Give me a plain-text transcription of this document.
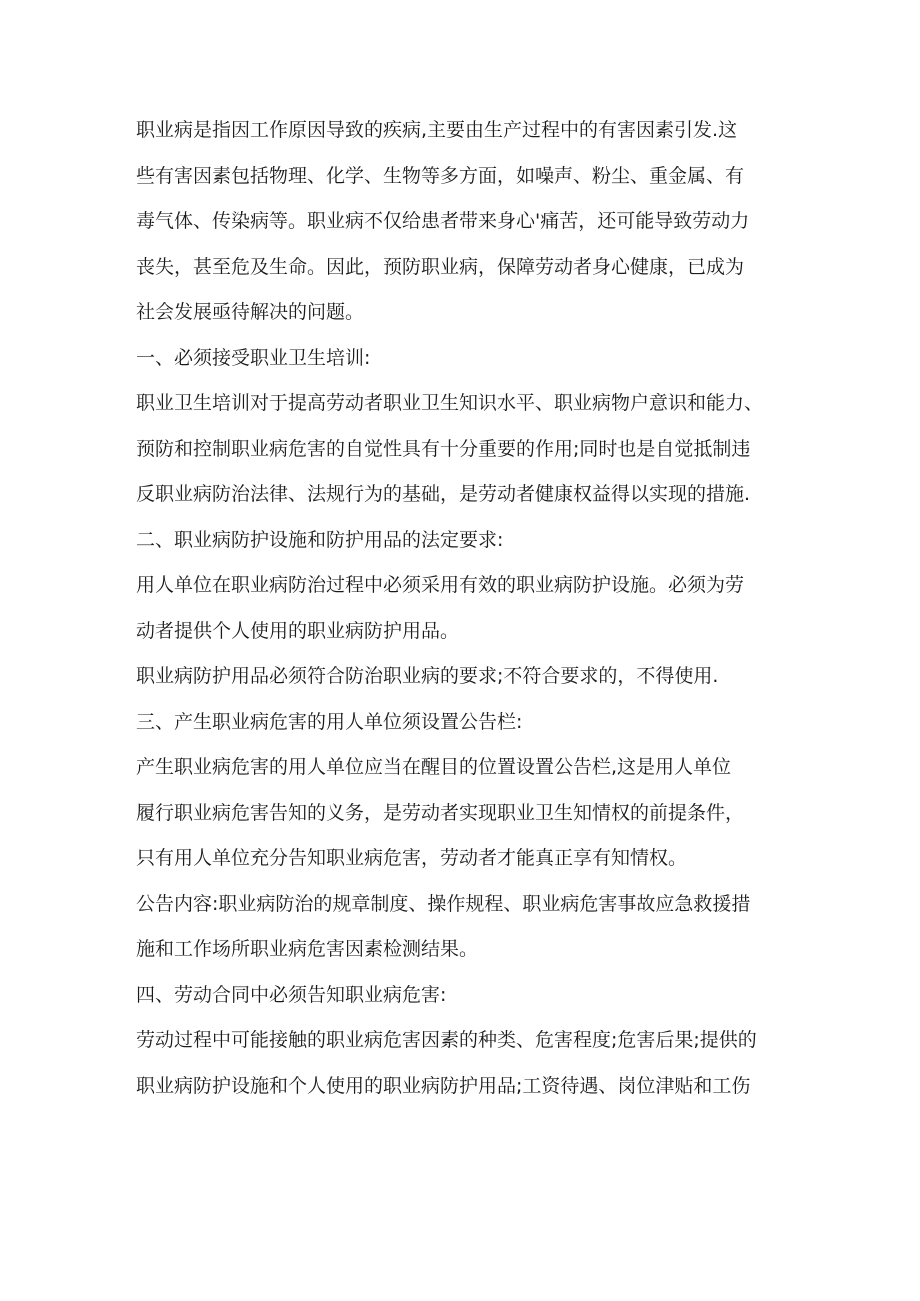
职业病是指因工作原因导致的疾病,主要由生产过程中的有害因素引发.这
些有害因素包括物理、化学、生物等多方面，如噪声、粉尘、重金属、有
毒气体、传染病等。职业病不仅给患者带来身心'痛苦，还可能导致劳动力
丧失，甚至危及生命。因此，预防职业病，保障劳动者身心健康，已成为
社会发展亟待解决的问题。
一、必须接受职业卫生培训:
职业卫生培训对于提高劳动者职业卫生知识水平、职业病物户意识和能力、
预防和控制职业病危害的自觉性具有十分重要的作用;同时也是自觉抵制违
反职业病防治法律、法规行为的基础，是劳动者健康权益得以实现的措施.
二、职业病防护设施和防护用品的法定要求:
用人单位在职业病防治过程中必须采用有效的职业病防护设施。必须为劳
动者提供个人使用的职业病防护用品。
职业病防护用品必须符合防治职业病的要求;不符合要求的，不得使用.
三、产生职业病危害的用人单位须设置公告栏:
产生职业病危害的用人单位应当在醒目的位置设置公告栏,这是用人单位
履行职业病危害告知的义务，是劳动者实现职业卫生知情权的前提条件，
只有用人单位充分告知职业病危害，劳动者才能真正享有知情权。
公告内容:职业病防治的规章制度、操作规程、职业病危害事故应急救援措
施和工作场所职业病危害因素检测结果。
四、劳动合同中必须告知职业病危害:
劳动过程中可能接触的职业病危害因素的种类、危害程度;危害后果;提供的
职业病防护设施和个人使用的职业病防护用品;工资待遇、岗位津贴和工伤
